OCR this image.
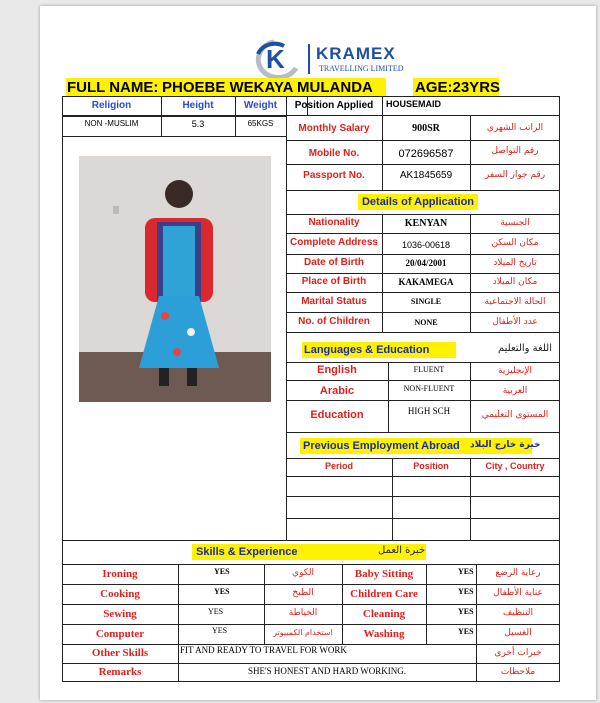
K KRAMEX
TRAVELLING LIMITED
FULL NAME: PHOEBE WEKAYA MULANDA	AGE:23YRS
Religion	Height	Weight
NON -MUSLIM	5.3	65KGS
Position Applied	HOUSEMAID
Monthly Salary	900SR	الراتب الشهري
Mobile No.	072696587	رقم التواصل
Passport No.	AK1845659	رقم جواز السفر
Details of Application
Nationality	KENYAN	الجنسية
Complete Address	1036-00618	مكان السكن
Date of Birth	20/04/2001	تاريخ الميلاد
Place of Birth	KAKAMEGA	مكان الميلاد
Marital Status	SINGLE	الحالة الاجتماعية
No. of Children	NONE	عدد الأطفال
Languages & Education	اللغة والتعليم
English	FLUENT	الإنجليزية
Arabic	NON-FLUENT	العربية
Education	HIGH SCH	المستوى التعليمي
Previous Employment Abroad خبرة خارج البلاد
Period	Position	City , Country
Skills & Experience	خبرة العمل
Ironing	YES	الكوي	Baby Sitting	YES	رعاية الرضع
Cooking	YES	الطبخ	Children Care	YES	عناية الأطفال
Sewing	YES	الخياطة	Cleaning	YES	التنظيف
Computer	YES	استخدام الكمبيوتر	Washing	YES	الغسيل
Other Skills	FIT AND READY TO TRAVEL FOR WORK	خبرات أخرى
Remarks	SHE'S HONEST AND HARD WORKING.	ملاحظات
